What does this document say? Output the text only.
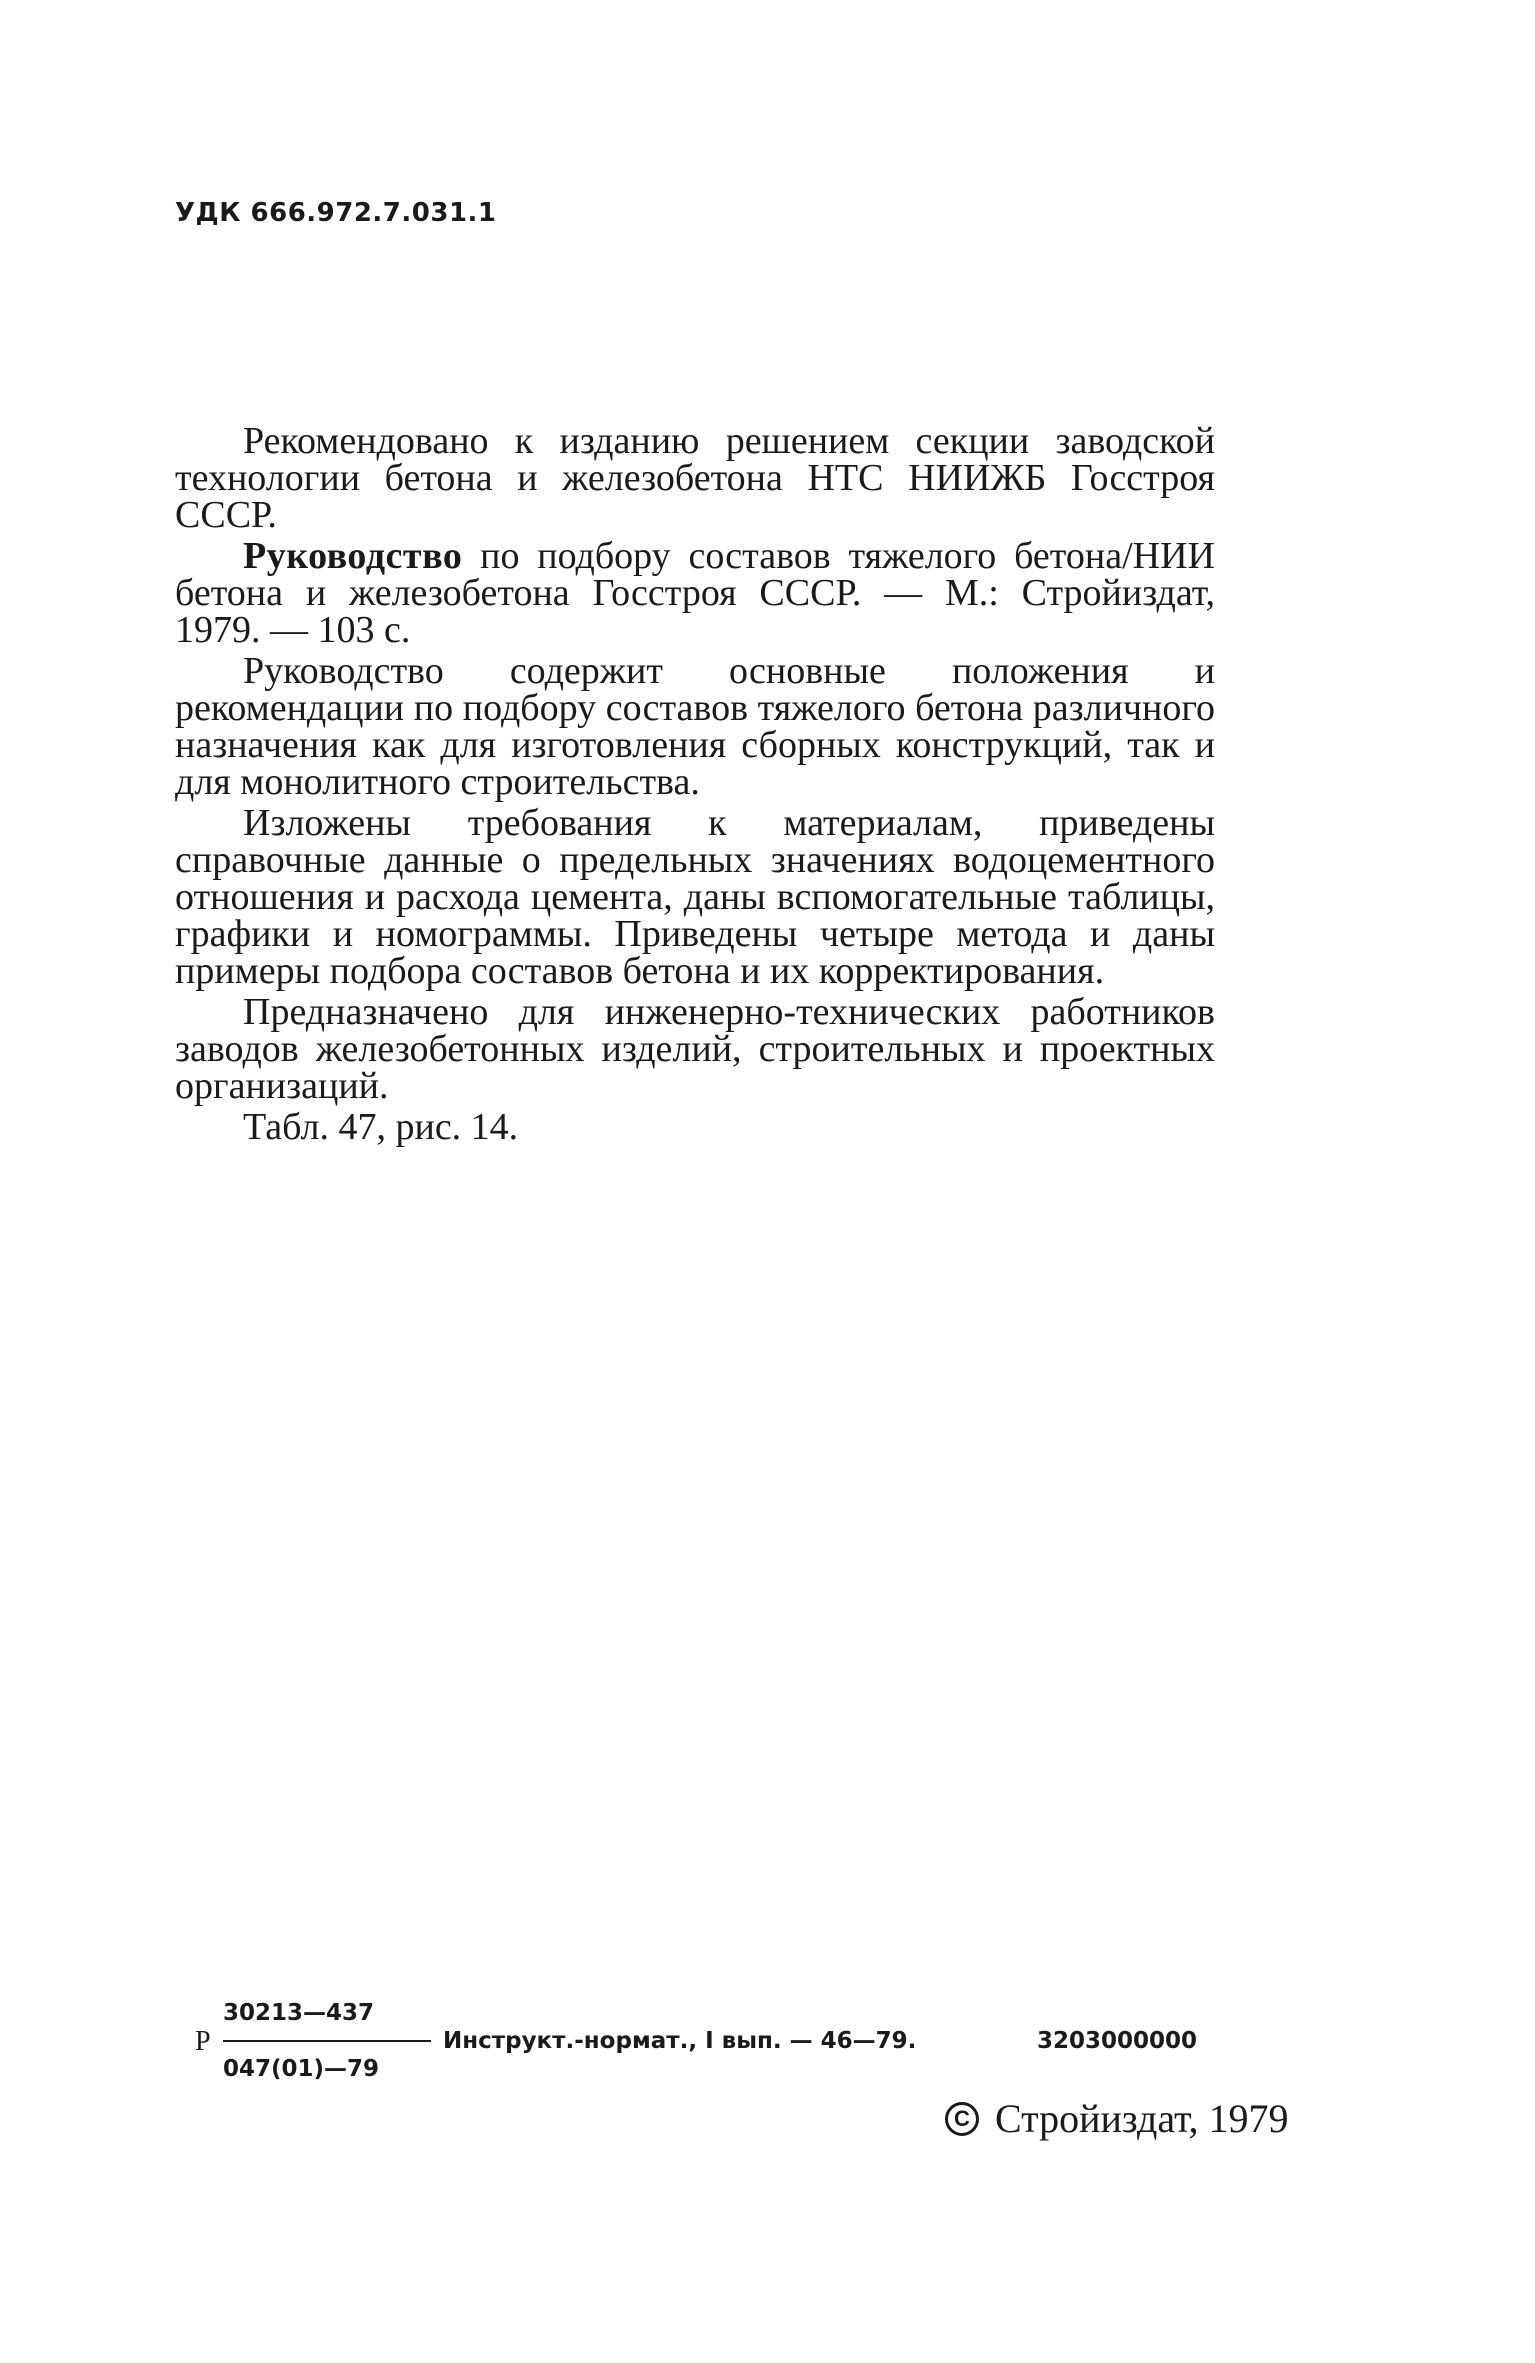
УДК 666.972.7.031.1

Рекомендовано к изданию решением секции заводской технологии бетона и железобетона НТС НИИЖБ Госстроя СССР.

Руководство по подбору составов тяжелого бетона/НИИ бетона и железобетона Госстроя СССР. — М.: Стройиздат, 1979. — 103 с.

Руководство содержит основные положения и рекомендации по подбору составов тяжелого бетона различного назначения как для изготовления сборных конструкций, так и для монолитного строительства.

Изложены требования к материалам, приведены справочные данные о предельных значениях водоцементного отношения и расхода цемента, даны вспомогательные таблицы, графики и номограммы. Приведены четыре метода и даны примеры подбора составов бетона и их корректирования.

Предназначено для инженерно-технических работников заводов железобетонных изделий, строительных и проектных организаций.

Табл. 47, рис. 14.

Р
30213—437
047(01)—79
Инструкт.-нормат., I вып. — 46—79.	3203000000
C Стройиздат, 1979
